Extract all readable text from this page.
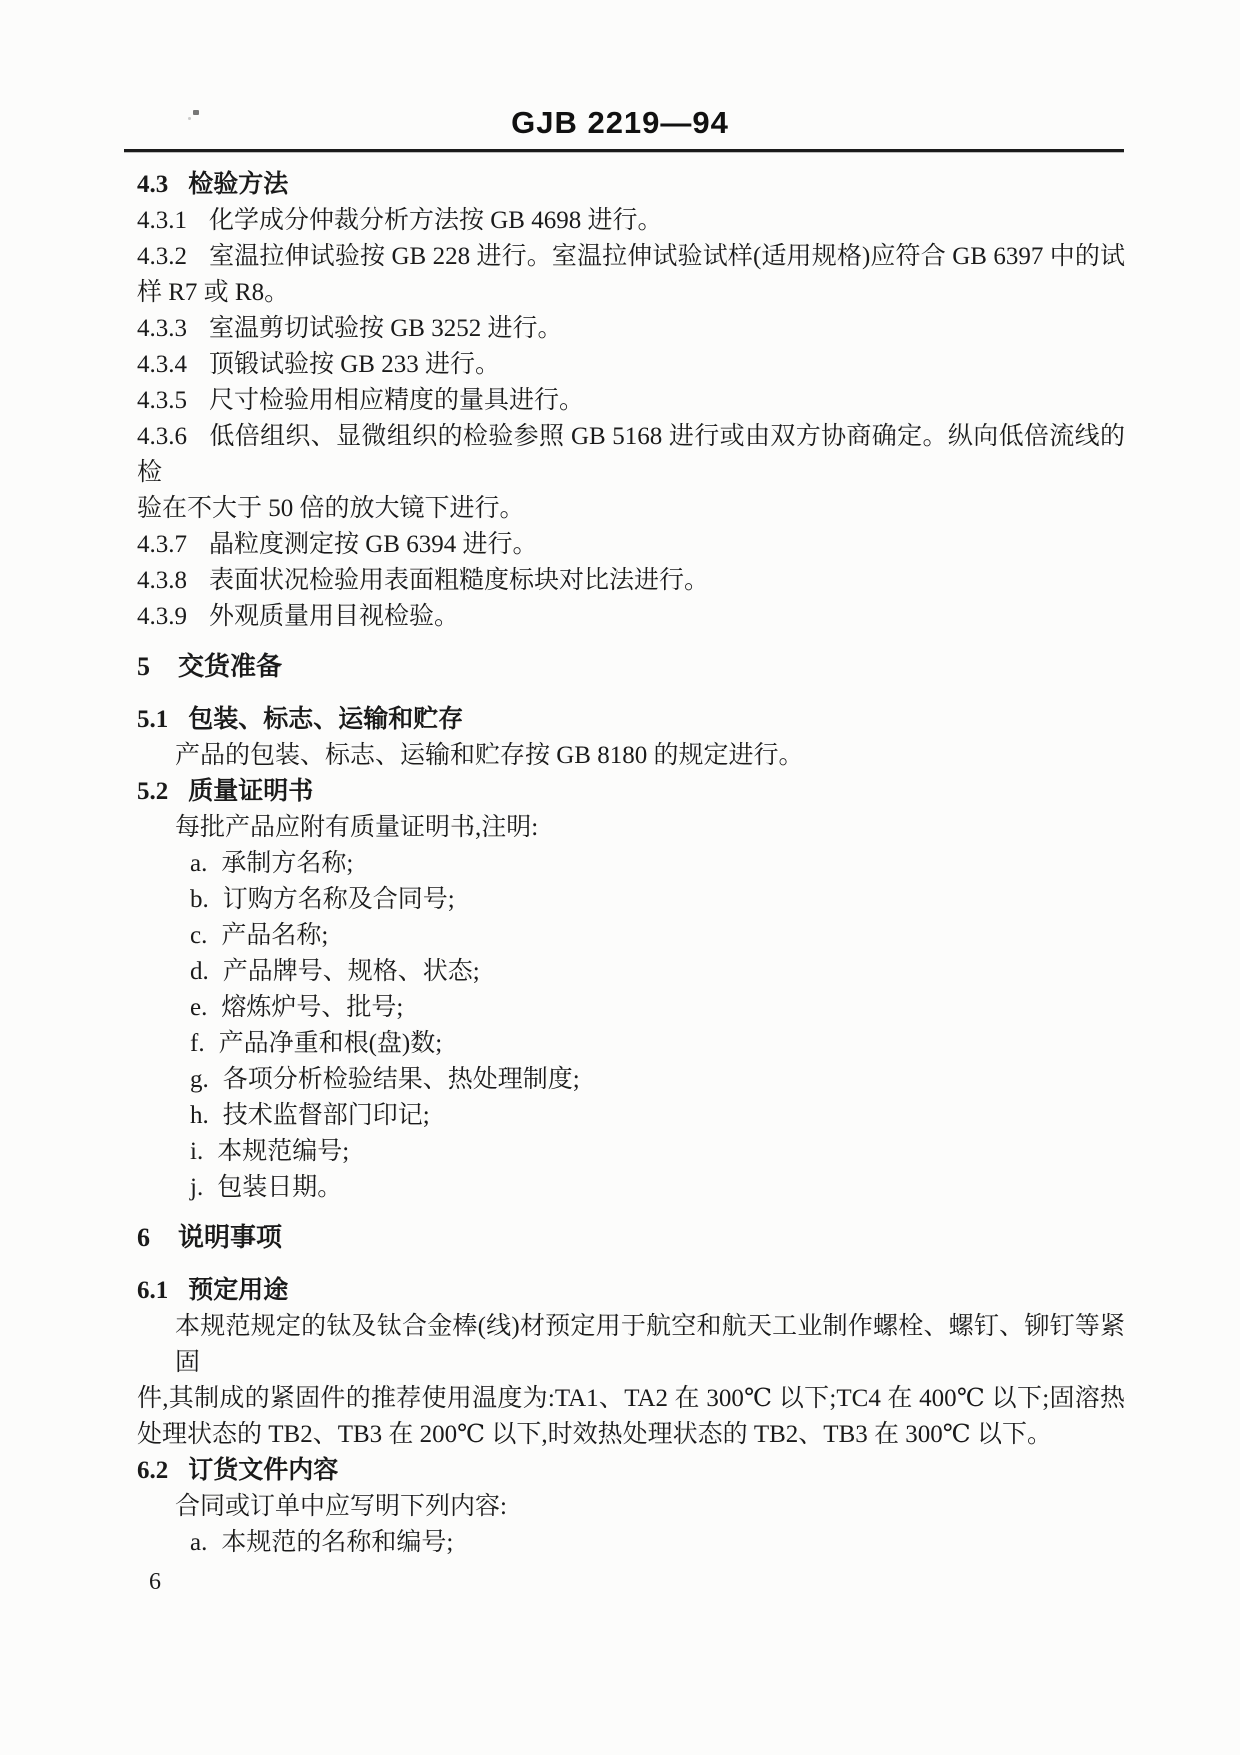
GJB 2219—94
4.3 检验方法
4.3.1 化学成分仲裁分析方法按 GB 4698 进行。
4.3.2 室温拉伸试验按 GB 228 进行。室温拉伸试验试样(适用规格)应符合 GB 6397 中的试
样 R7 或 R8。
4.3.3 室温剪切试验按 GB 3252 进行。
4.3.4 顶锻试验按 GB 233 进行。
4.3.5 尺寸检验用相应精度的量具进行。
4.3.6 低倍组织、显微组织的检验参照 GB 5168 进行或由双方协商确定。纵向低倍流线的检
验在不大于 50 倍的放大镜下进行。
4.3.7 晶粒度测定按 GB 6394 进行。
4.3.8 表面状况检验用表面粗糙度标块对比法进行。
4.3.9 外观质量用目视检验。
5 交货准备
5.1 包装、标志、运输和贮存
产品的包装、标志、运输和贮存按 GB 8180 的规定进行。
5.2 质量证明书
每批产品应附有质量证明书,注明:
a. 承制方名称;
b. 订购方名称及合同号;
c. 产品名称;
d. 产品牌号、规格、状态;
e. 熔炼炉号、批号;
f. 产品净重和根(盘)数;
g. 各项分析检验结果、热处理制度;
h. 技术监督部门印记;
i. 本规范编号;
j. 包装日期。
6 说明事项
6.1 预定用途
本规范规定的钛及钛合金棒(线)材预定用于航空和航天工业制作螺栓、螺钉、铆钉等紧固
件,其制成的紧固件的推荐使用温度为:TA1、TA2 在 300℃ 以下;TC4 在 400℃ 以下;固溶热
处理状态的 TB2、TB3 在 200℃ 以下,时效热处理状态的 TB2、TB3 在 300℃ 以下。
6.2 订货文件内容
合同或订单中应写明下列内容:
a. 本规范的名称和编号;
6
